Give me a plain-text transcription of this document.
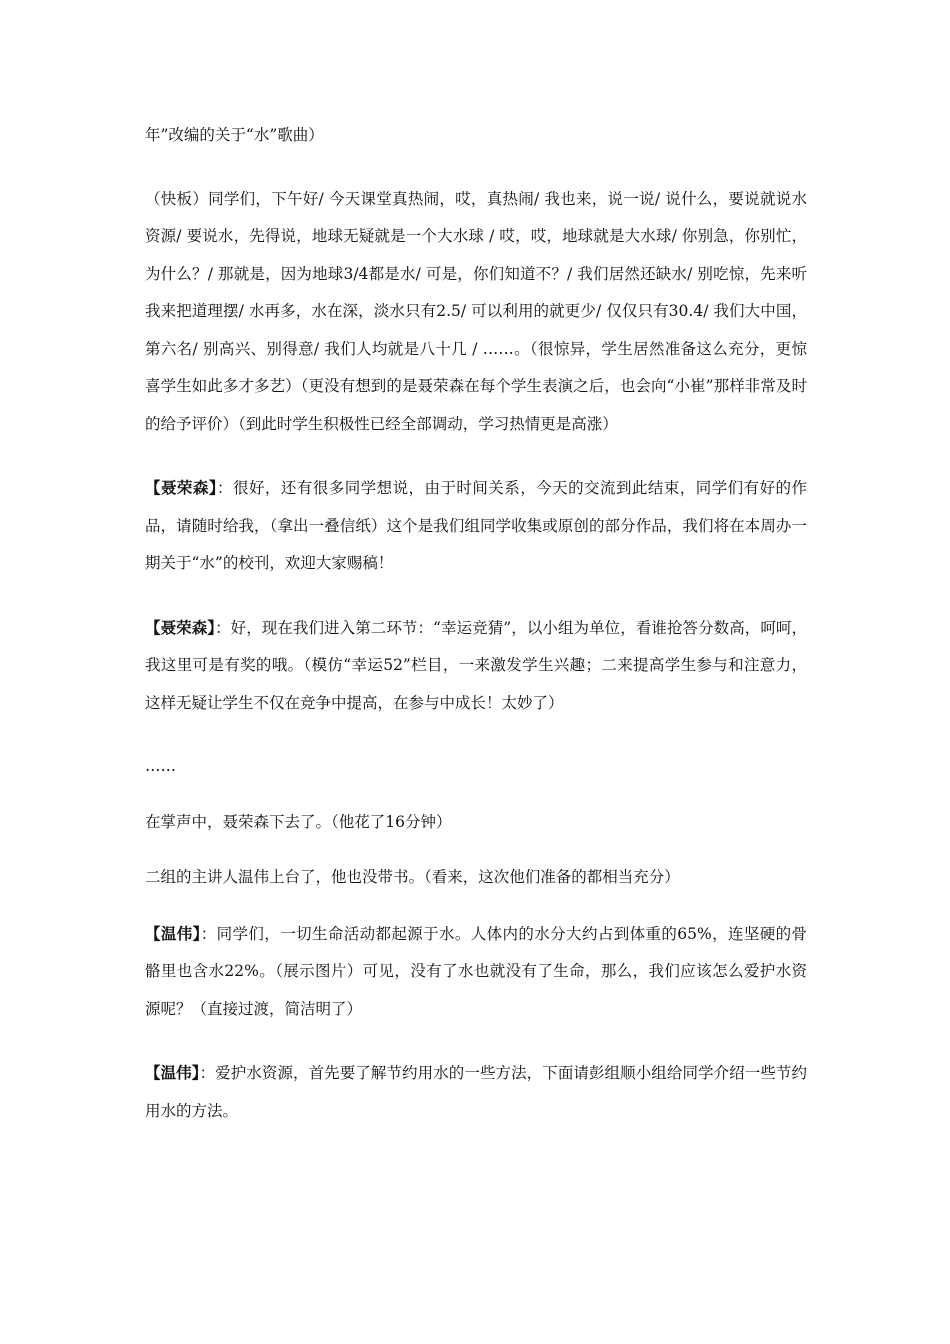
年”改编的关于“水”歌曲）

（快板）同学们，下午好/ 今天课堂真热闹，哎，真热闹/ 我也来，说一说/ 说什么，要说就说水资源/ 要说水，先得说，地球无疑就是一个大水球 / 哎，哎，地球就是大水球/ 你别急，你别忙，为什么？/ 那就是，因为地球3/4都是水/ 可是，你们知道不？/ 我们居然还缺水/ 别吃惊，先来听我来把道理摆/ 水再多，水在深，淡水只有2.5/ 可以利用的就更少/ 仅仅只有30.4/ 我们大中国，第六名/ 别高兴、别得意/ 我们人均就是八十几 / ……。（很惊异，学生居然准备这么充分，更惊喜学生如此多才多艺）（更没有想到的是聂荣森在每个学生表演之后，也会向“小崔”那样非常及时的给予评价）（到此时学生积极性已经全部调动，学习热情更是高涨）

【聂荣森】：很好，还有很多同学想说，由于时间关系，今天的交流到此结束，同学们有好的作品，请随时给我，（拿出一叠信纸）这个是我们组同学收集或原创的部分作品，我们将在本周办一期关于“水”的校刊，欢迎大家赐稿！

【聂荣森】：好，现在我们进入第二环节：“幸运竞猜”，以小组为单位，看谁抢答分数高，呵呵，我这里可是有奖的哦。（模仿“幸运52”栏目，一来激发学生兴趣；二来提高学生参与和注意力，这样无疑让学生不仅在竞争中提高，在参与中成长！太妙了）

……

在掌声中，聂荣森下去了。（他花了16分钟）

二组的主讲人温伟上台了，他也没带书。（看来，这次他们准备的都相当充分）

【温伟】：同学们，一切生命活动都起源于水。人体内的水分大约占到体重的65%，连坚硬的骨骼里也含水22%。（展示图片）可见，没有了水也就没有了生命，那么，我们应该怎么爱护水资源呢？（直接过渡，简洁明了）

【温伟】：爱护水资源，首先要了解节约用水的一些方法，下面请彭组顺小组给同学介绍一些节约用水的方法。
